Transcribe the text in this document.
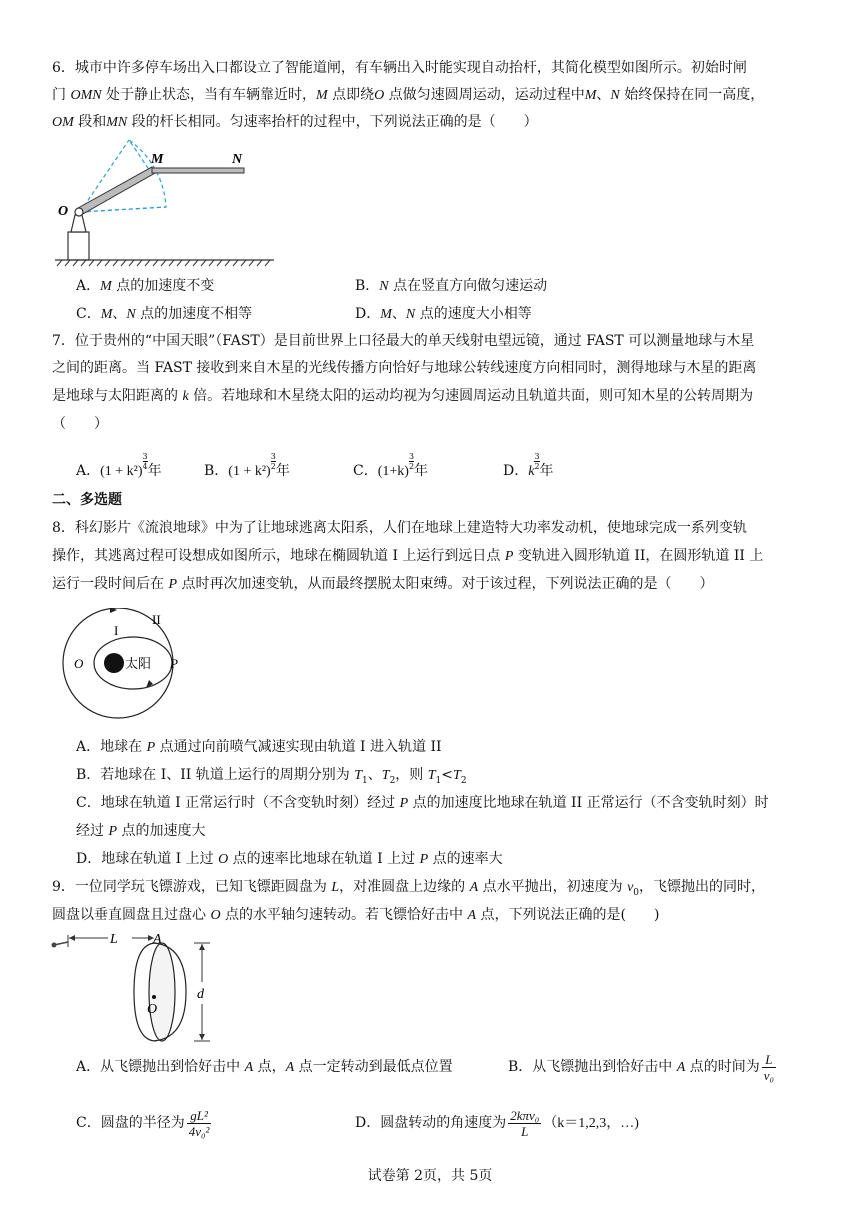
6．城市中许多停车场出入口都设立了智能道闸，有车辆出入时能实现自动抬杆，其简化模型如图所示。初始时闸
门 OMN 处于静止状态，当有车辆靠近时，M 点即绕O 点做匀速圆周运动，运动过程中M、N 始终保持在同一高度，
OM 段和MN 段的杆长相同。匀速率抬杆的过程中，下列说法正确的是（　　）
O
M	N
A．M 点的加速度不变	B．N 点在竖直方向做匀速运动
C．M、N 点的加速度不相等	D．M、N 点的速度大小相等
7．位于贵州的“中国天眼”（FAST）是目前世界上口径最大的单天线射电望远镜，通过 FAST 可以测量地球与木星
之间的距离。当 FAST 接收到来自木星的光线传播方向恰好与地球公转线速度方向相同时，测得地球与木星的距离
是地球与太阳距离的 k 倍。若地球和木星绕太阳的运动均视为匀速圆周运动且轨道共面，则可知木星的公转周期为
（　　）
A．(1 + k²)
$\frac{3}{4}$ 年	B．(1 + k²)
$\frac{3}{2}$ 年	C．(1+k)
$\frac{3}{2}$ 年	D．k
$\frac{3}{2}$ 年
二、多选题
8．科幻影片《流浪地球》中为了让地球逃离太阳系，人们在地球上建造特大功率发动机，使地球完成一系列变轨
操作，其逃离过程可设想成如图所示，地球在椭圆轨道 I 上运行到远日点 P 变轨进入圆形轨道 II，在圆形轨道 II 上
运行一段时间后在 P 点时再次加速变轨，从而最终摆脱太阳束缚。对于该过程，下列说法正确的是（　　）
I
II
O	P
太阳
A．地球在 P 点通过向前喷气减速实现由轨道 I 进入轨道 II
B．若地球在 I、II 轨道上运行的周期分别为 $T_1$、$T_2$，则 $T_1<T_2$
C．地球在轨道 I 正常运行时（不含变轨时刻）经过 P 点的加速度比地球在轨道 II 正常运行（不含变轨时刻）时
经过 P 点的加速度大
D．地球在轨道 I 上过 O 点的速率比地球在轨道 I 上过 P 点的速率大
9．一位同学玩飞镖游戏，已知飞镖距圆盘为 L，对准圆盘上边缘的 A 点水平抛出，初速度为 $v_0$，飞镖抛出的同时，
圆盘以垂直圆盘且过盘心 O 点的水平轴匀速转动。若飞镖恰好击中 A 点，下列说法正确的是(　　)
L	A
O
d
A．从飞镖抛出到恰好击中 A 点，A 点一定转动到最低点位置	B．从飞镖抛出到恰好击中 A 点的时间为 $\frac{L}{\text{v₀}}$
C．圆盘的半径为 $\frac{\text{gL²}}{\text{4v₀²}}$	D．圆盘转动的角速度为 $\frac{\text{2kπv₀}}{L} (k=1,2,3$，…)
试卷第 2页，共 5页
